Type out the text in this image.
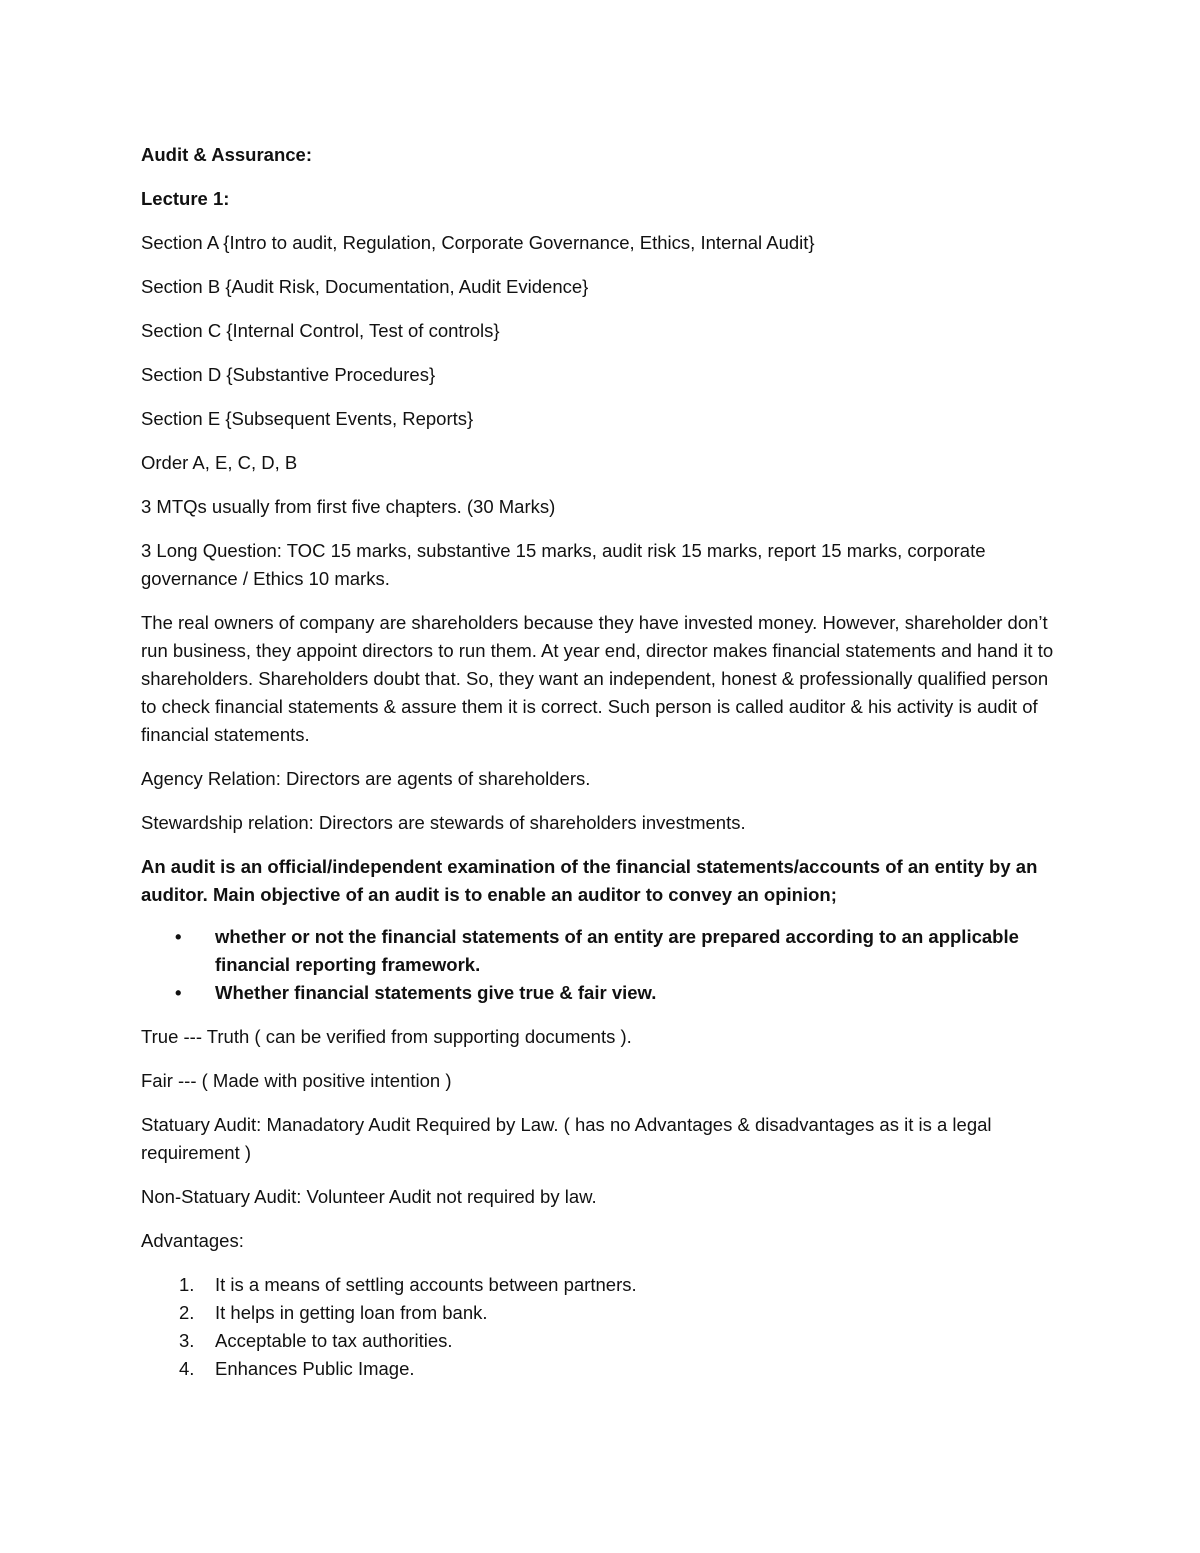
Audit & Assurance:

Lecture 1:

Section A {Intro to audit, Regulation, Corporate Governance, Ethics, Internal Audit}

Section B {Audit Risk, Documentation, Audit Evidence}

Section C {Internal Control, Test of controls}

Section D {Substantive Procedures}

Section E {Subsequent Events, Reports}

Order A, E, C, D, B

3 MTQs usually from first five chapters. (30 Marks)

3 Long Question: TOC 15 marks, substantive 15 marks, audit risk 15 marks, report 15 marks, corporate governance / Ethics 10 marks.

The real owners of company are shareholders because they have invested money. However, shareholder don’t run business, they appoint directors to run them. At year end, director makes financial statements and hand it to shareholders. Shareholders doubt that. So, they want an independent, honest & professionally qualified person to check financial statements & assure them it is correct. Such person is called auditor & his activity is audit of financial statements.

Agency Relation: Directors are agents of shareholders.

Stewardship relation: Directors are stewards of shareholders investments.

An audit is an official/independent examination of the financial statements/accounts of an entity by an auditor. Main objective of an audit is to enable an auditor to convey an opinion;

• whether or not the financial statements of an entity are prepared according to an applicable financial reporting framework.
• Whether financial statements give true & fair view.

True --- Truth ( can be verified from supporting documents ).

Fair --- ( Made with positive intention )

Statuary Audit: Manadatory Audit Required by Law. ( has no Advantages & disadvantages as it is a legal requirement )

Non-Statuary Audit: Volunteer Audit not required by law.

Advantages:

1. It is a means of settling accounts between partners.
2. It helps in getting loan from bank.
3. Acceptable to tax authorities.
4. Enhances Public Image.
